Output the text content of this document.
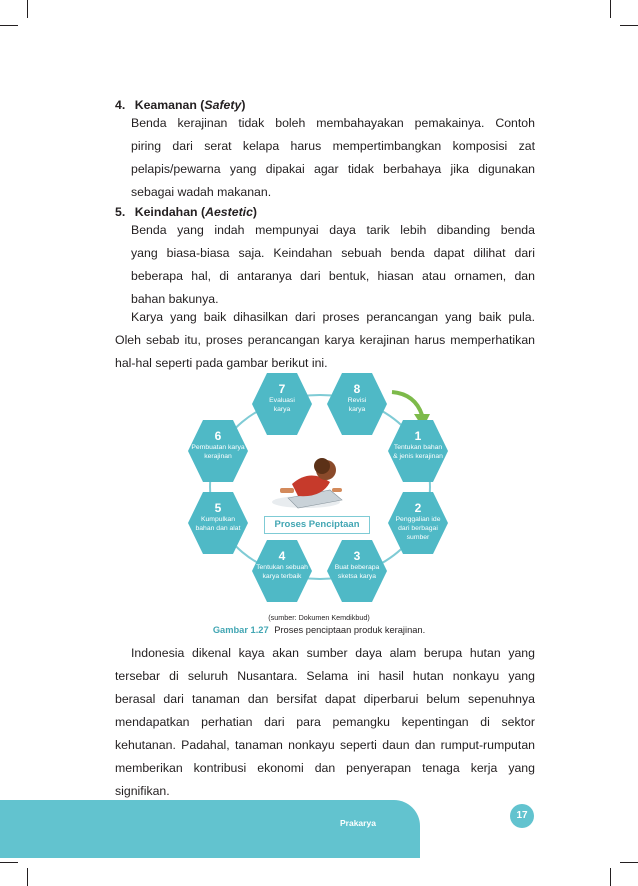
4. Keamanan (Safety)
Benda kerajinan tidak boleh membahayakan pemakainya. Contoh
piring dari serat kelapa harus mempertimbangkan komposisi zat
pelapis/pewarna yang dipakai agar tidak berbahaya jika digunakan
sebagai wadah makanan.
5. Keindahan (Aestetic)
Benda yang indah mempunyai daya tarik lebih dibanding benda
yang biasa-biasa saja. Keindahan sebuah benda dapat dilihat dari
beberapa hal, di antaranya dari bentuk, hiasan atau ornamen, dan
bahan bakunya.
Karya yang baik dihasilkan dari proses perancangan yang baik pula.
Oleh sebab itu, proses perancangan karya kerajinan harus memperhatikan
hal-hal seperti pada gambar berikut ini.
Proses Penciptaan
7
Evaluasi
karya
8
Revisi
karya
6
Pembuatan karya
kerajinan
1
Tentukan bahan
& jenis kerajinan
5
Kumpulkan
bahan dan alat
2
Penggalian ide
dari berbagai
sumber
4
Tentukan sebuah
karya terbaik
3
Buat beberapa
sketsa karya
(sumber: Dokumen Kemdikbud)
Gambar 1.27 Proses penciptaan produk kerajinan.
Indonesia dikenal kaya akan sumber daya alam berupa hutan yang
tersebar di seluruh Nusantara. Selama ini hasil hutan nonkayu yang
berasal dari tanaman dan bersifat dapat diperbarui belum sepenuhnya
mendapatkan perhatian dari para pemangku kepentingan di sektor
kehutanan. Padahal, tanaman nonkayu seperti daun dan rumput-rumputan
memberikan kontribusi ekonomi dan penyerapan tenaga kerja yang
signifikan.
Prakarya
17
